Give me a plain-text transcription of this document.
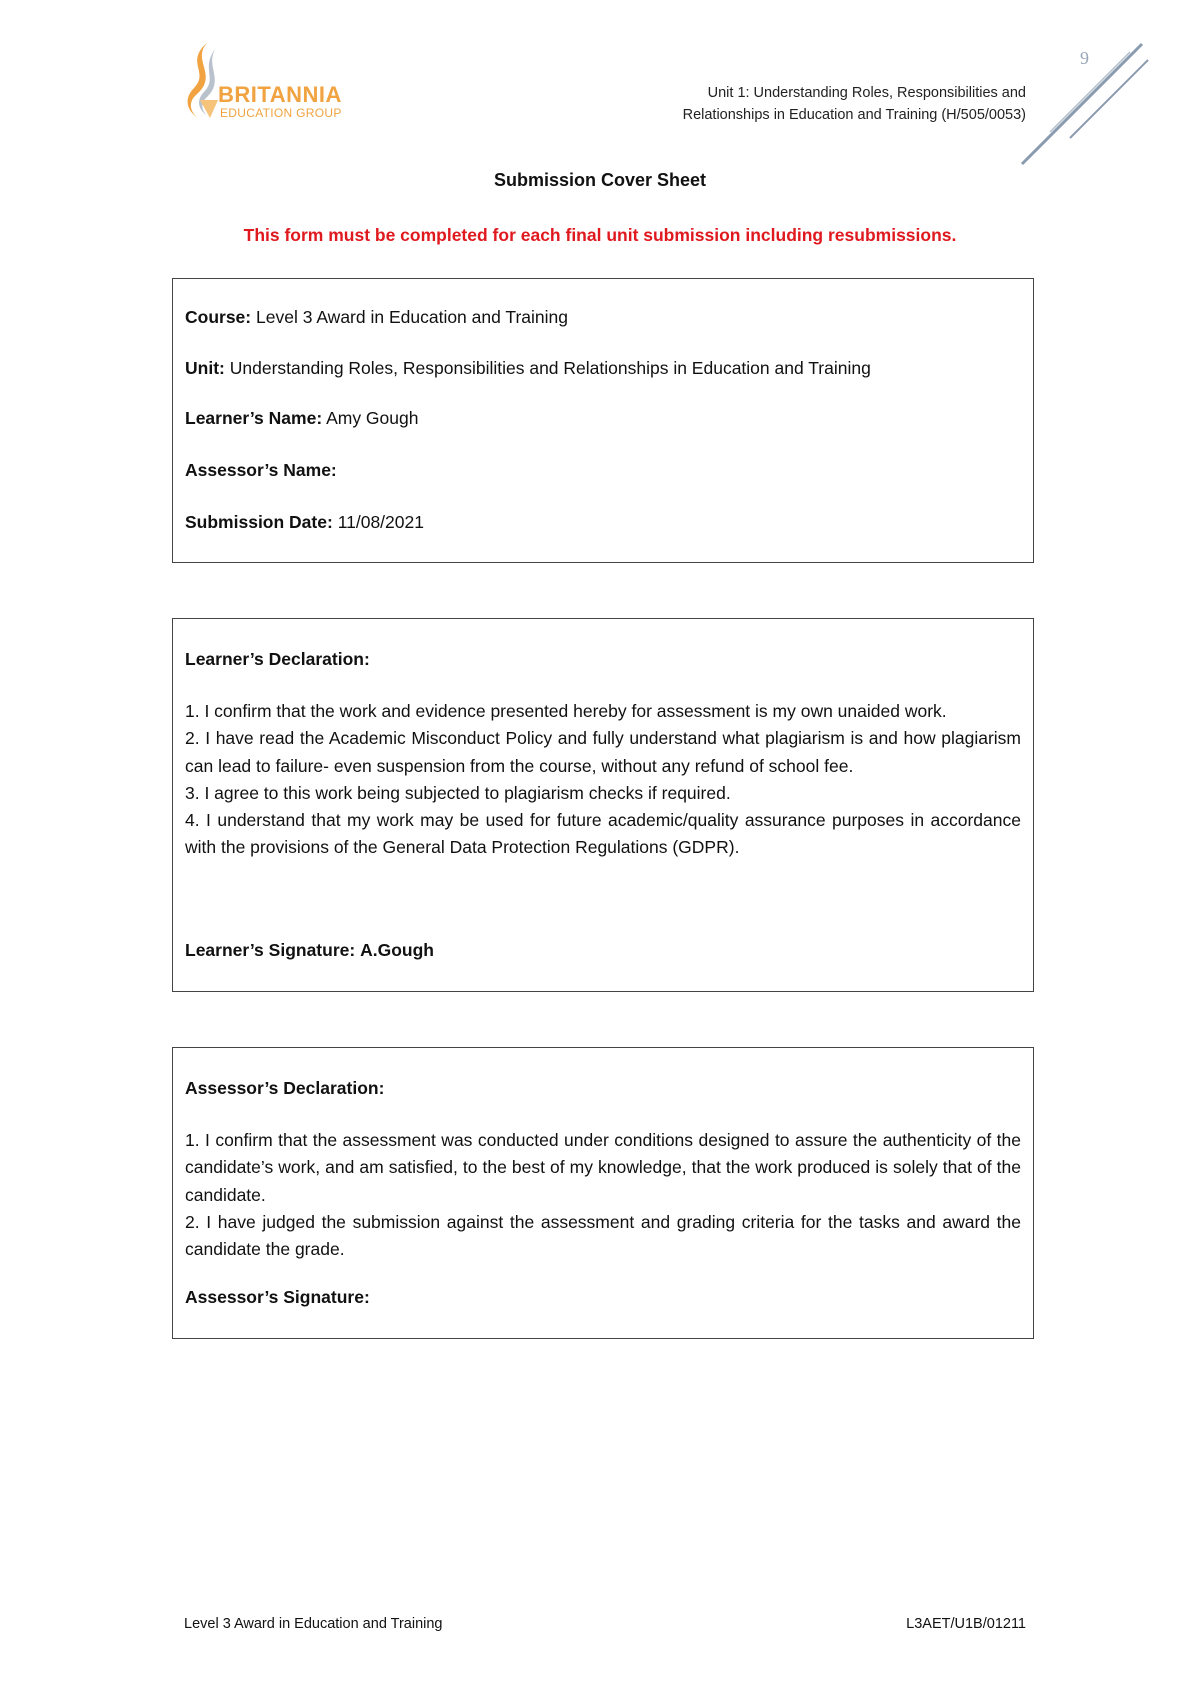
BRITANNIA
EDUCATION GROUP
Unit 1: Understanding Roles, Responsibilities and
Relationships in Education and Training (H/505/0053)
9
Submission Cover Sheet
This form must be completed for each final unit submission including resubmissions.
Course: Level 3 Award in Education and Training
Unit: Understanding Roles, Responsibilities and Relationships in Education and Training
Learner’s Name: Amy Gough
Assessor’s Name:
Submission Date: 11/08/2021
Learner’s Declaration:

1. I confirm that the work and evidence presented hereby for assessment is my own unaided work.

2. I have read the Academic Misconduct Policy and fully understand what plagiarism is and how plagiarism can lead to failure- even suspension from the course, without any refund of school fee.

3. I agree to this work being subjected to plagiarism checks if required.

4. I understand that my work may be used for future academic/quality assurance purposes in accordance with the provisions of the General Data Protection Regulations (GDPR).

Learner’s Signature: A.Gough
Assessor’s Declaration:

1. I confirm that the assessment was conducted under conditions designed to assure the authenticity of the candidate’s work, and am satisfied, to the best of my knowledge, that the work produced is solely that of the candidate.

2. I have judged the submission against the assessment and grading criteria for the tasks and award the candidate the grade.

Assessor’s Signature:
Level 3 Award in Education and Training	L3AET/U1B/01211
